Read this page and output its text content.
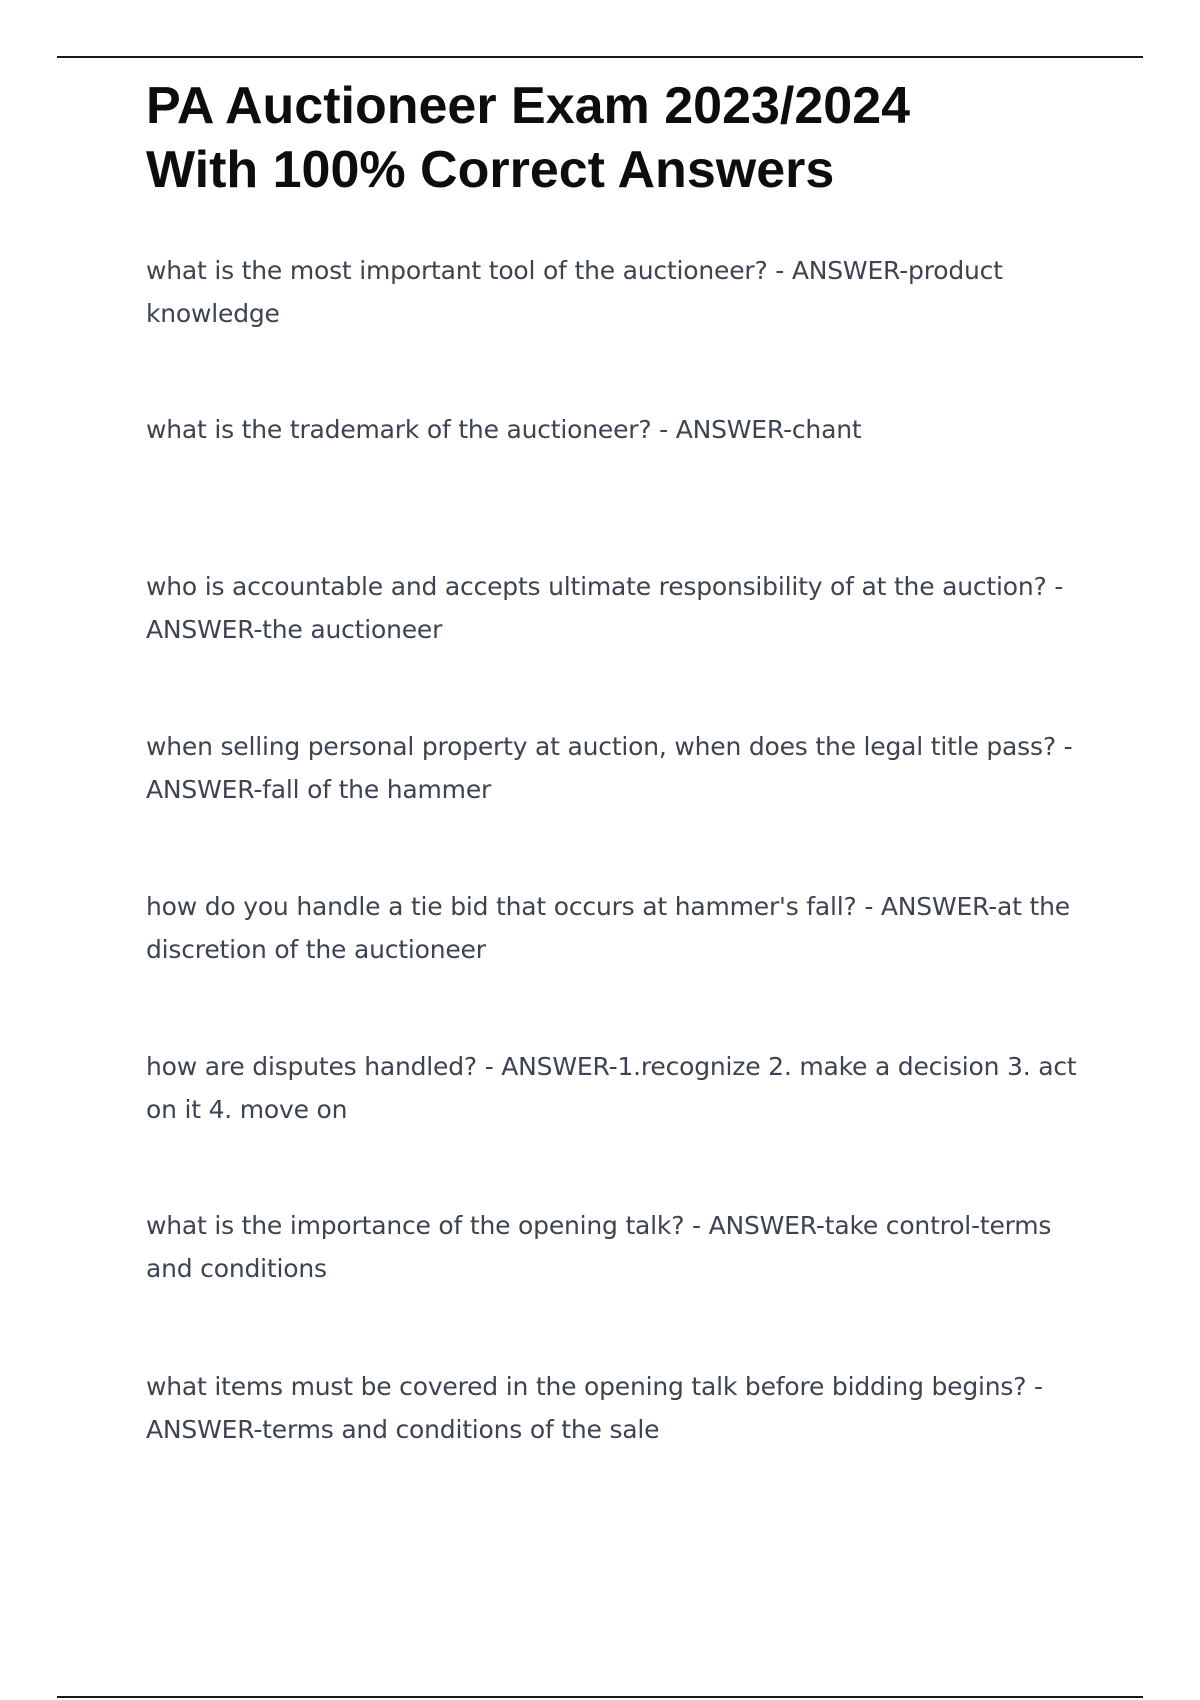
PA Auctioneer Exam 2023/2024
With 100% Correct Answers
what is the most important tool of the auctioneer? - ANSWER-product knowledge
what is the trademark of the auctioneer? - ANSWER-chant
who is accountable and accepts ultimate responsibility of at the auction? - ANSWER-the auctioneer
when selling personal property at auction, when does the legal title pass? - ANSWER-fall of the hammer
how do you handle a tie bid that occurs at hammer's fall? - ANSWER-at the discretion of the auctioneer
how are disputes handled? - ANSWER-1.recognize 2. make a decision 3. act on it 4. move on
what is the importance of the opening talk? - ANSWER-take control-terms and conditions
what items must be covered in the opening talk before bidding begins? - ANSWER-terms and conditions of the sale
